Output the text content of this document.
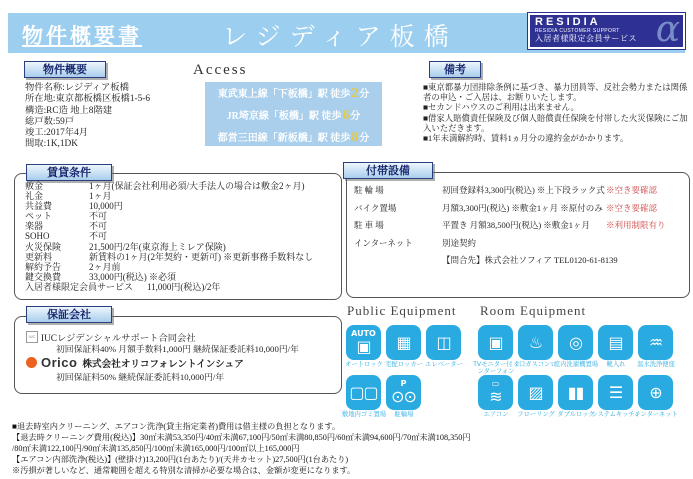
物件概要書	レジディア板橋
RESIDIA
RESIDIA CUSTOMER SUPPORT
入居者様限定会員サービス α
物件概要
物件名称:レジディア板橋
所在地:東京都板橋区板橋1-5-6
構造:RC造 地上8階建
総戸数:59戸
竣工:2017年4月
間取:1K,1DK
Access
東武東上線「下板橋」駅 徒歩2分
JR埼京線「板橋」駅 徒歩6分
都営三田線「新板橋」駅 徒歩8分
備考
■東京都暴力団排除条例に基づき、暴力団員等、反社会勢力または関係者の申込・ご入居は、お断りいたします。
■セカンドハウスのご利用は出来ません。
■借家人賠償責任保険及び個人賠償責任保険を付帯した火災保険にご加入いただきます。
■1年未満解約時、賃料1ヵ月分の違約金がかかります。
賃貸条件
敷金	1ヶ月(保証会社利用必須/大手法人の場合は敷金2ヶ月)
礼金	1ヶ月
共益費	10,000円
ペット	不可
楽器	不可
SOHO	不可
火災保険	21,500円/2年(東京海上ミレア保険)
更新料	新賃料の1ヶ月(2年契約・更新可) ※更新事務手数料なし
解約予告	2ヶ月前
鍵交換費	33,000円(税込) ※必須
入居者様限定会員サービス 11,000円(税込)/2年
保証会社
IUC IUCレジデンシャルサポート合同会社
初回保証料40% 月額手数料1,000円 継続保証委託料10,000円/年
Orico 株式会社オリコフォレントインシュア
初回保証料50% 継続保証委託料10,000円/年
付帯設備
駐 輪 場	初回登録料3,300円(税込) ※上下段ラック式 ※空き要確認
バイク置場	月額3,300円(税込) ※敷金1ヶ月 ※原付のみ ※空き要確認
駐 車 場	平置き 月額38,500円(税込) ※敷金1ヶ月 ※利用制限有り
インターネット	別途契約
【問合先】株式会社ソフィア TEL0120-61-8139
Public Equipment
AUTO
▣
オートロック
▦
宅配ロッカー
◫
エレベーター
▢▢
敷地内ゴミ置場
P
⊙⊙
駐輪場
Room Equipment
▣
TVモニター付インターフォン
♨
2口ガスコンロ
◎
室内洗濯機置場
▤
靴入れ
♒
温水洗浄便座
▭
≋
エアコン
▨
フローリング
▮▮
ダブルロック
☰
システムキッチン
⊕
インターネット
■退去時室内クリーニング、エアコン洗浄(貸主指定業者)費用は借主様の負担となります。
【退去時クリーニング費用(税込)】30㎡未満53,350円/40㎡未満67,100円/50㎡未満80,850円/60㎡未満94,600円/70㎡未満108,350円
/80㎡未満122,100円/90㎡未満135,850円/100㎡未満165,000円/100㎡以上165,000円
【エアコン内部洗浄(税込)】(壁掛け)13,200円(1台あたり)/(天井カセット)27,500円(1台あたり)
※汚損が著しいなど、通常範囲を超える特別な清掃が必要な場合は、金額が変更になります。
